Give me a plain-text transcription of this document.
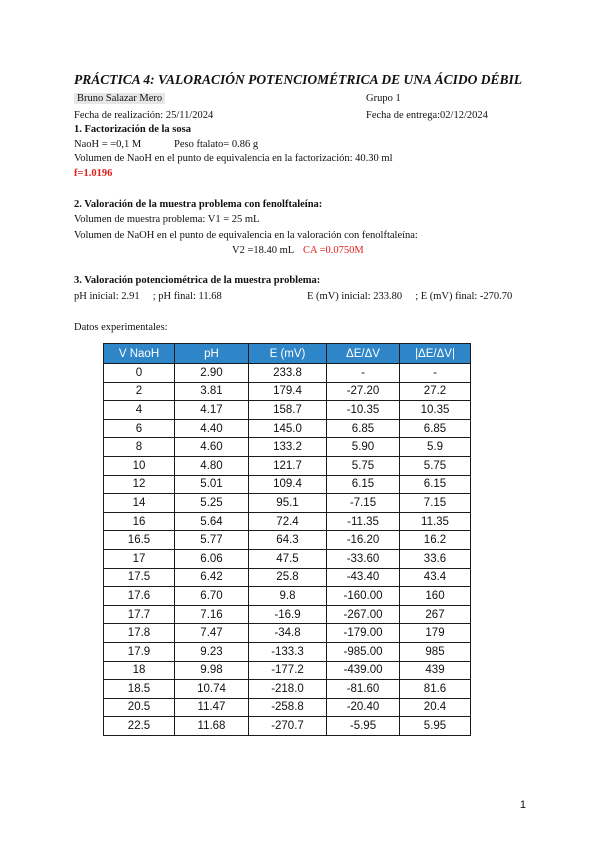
PRÁCTICA 4: VALORACIÓN POTENCIOMÉTRICA DE UNA ÁCIDO DÉBIL
Bruno Salazar Mero	Grupo 1
Fecha de realización: 25/11/2024	Fecha de entrega:02/12/2024
1. Factorización de la sosa
NaoH = =0,1 M	Peso ftalato= 0.86 g
Volumen de NaoH en el punto de equivalencia en la factorización: 40.30 ml
f=1.0196
2. Valoración de la muestra problema con fenolftaleína:
Volumen de muestra problema: V1 = 25 mL
Volumen de NaOH en el punto de equivalencia en la valoración con fenolftaleína:
V2 =18.40 mL CA =0.0750M
3. Valoración potenciométrica de la muestra problema:
pH inicial: 2.91     ; pH final: 11.68	E (mV) inicial: 233.80     ; E (mV) final: -270.70
Datos experimentales:
V NaoH	pH	E (mV)	ΔE/ΔV	|ΔE/ΔV|
0	2.90	233.8	-	-
2	3.81	179.4	-27.20	27.2
4	4.17	158.7	-10.35	10.35
6	4.40	145.0	6.85	6.85
8	4.60	133.2	5.90	5.9
10	4.80	121.7	5.75	5.75
12	5.01	109.4	6.15	6.15
14	5.25	95.1	-7.15	7.15
16	5.64	72.4	-11.35	11.35
16.5	5.77	64.3	-16.20	16.2
17	6.06	47.5	-33.60	33.6
17.5	6.42	25.8	-43.40	43.4
17.6	6.70	9.8	-160.00	160
17.7	7.16	-16.9	-267.00	267
17.8	7.47	-34.8	-179.00	179
17.9	9.23	-133.3	-985.00	985
18	9.98	-177.2	-439.00	439
18.5	10.74	-218.0	-81.60	81.6
20.5	11.47	-258.8	-20.40	20.4
22.5	11.68	-270.7	-5.95	5.95
1
